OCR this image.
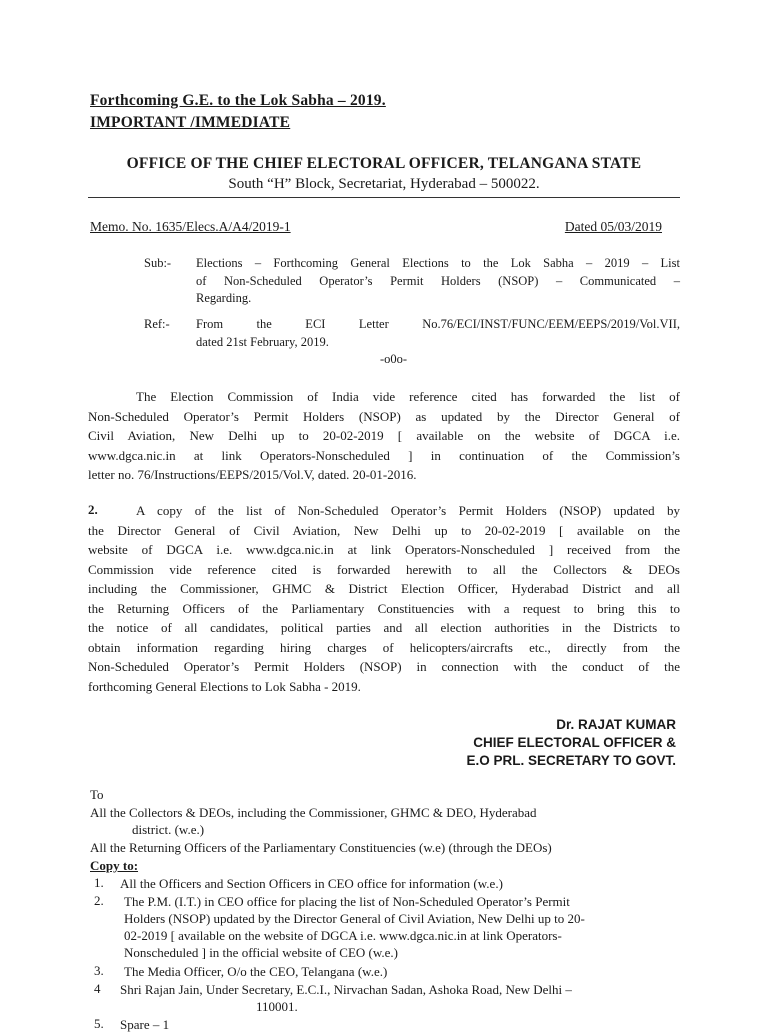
Forthcoming G.E. to the Lok Sabha – 2019.
IMPORTANT /IMMEDIATE
OFFICE OF THE CHIEF ELECTORAL OFFICER, TELANGANA STATE
South “H” Block, Secretariat, Hyderabad – 500022.
Memo. No. 1635/Elecs.A/A4/2019-1	Dated 05/03/2019
Sub:- Elections – Forthcoming General Elections to the Lok Sabha – 2019 – List
of Non-Scheduled Operator’s Permit Holders (NSOP) – Communicated –
Regarding.
Ref:- From the ECI Letter No.76/ECI/INST/FUNC/EEM/EEPS/2019/Vol.VII,
dated 21st February, 2019.
-o0o-
The Election Commission of India vide reference cited has forwarded the list of
Non-Scheduled Operator’s Permit Holders (NSOP) as updated by the Director General of
Civil Aviation, New Delhi up to 20-02-2019 [ available on the website of DGCA i.e.
www.dgca.nic.in at link Operators-Nonscheduled ] in continuation of the Commission’s
letter no. 76/Instructions/EEPS/2015/Vol.V, dated. 20-01-2016.
2.	A copy of the list of Non-Scheduled Operator’s Permit Holders (NSOP) updated by
the Director General of Civil Aviation, New Delhi up to 20-02-2019 [ available on the
website of DGCA i.e. www.dgca.nic.in at link Operators-Nonscheduled ] received from the
Commission vide reference cited is forwarded herewith to all the Collectors & DEOs
including the Commissioner, GHMC & District Election Officer, Hyderabad District and all
the Returning Officers of the Parliamentary Constituencies with a request to bring this to
the notice of all candidates, political parties and all election authorities in the Districts to
obtain information regarding hiring charges of helicopters/aircrafts etc., directly from the
Non-Scheduled Operator’s Permit Holders (NSOP) in connection with the conduct of the
forthcoming General Elections to Lok Sabha - 2019.
Dr. RAJAT KUMAR
CHIEF ELECTORAL OFFICER &
E.O PRL. SECRETARY TO GOVT.
To
All the Collectors & DEOs, including the Commissioner, GHMC & DEO, Hyderabad
district. (w.e.)
All the Returning Officers of the Parliamentary Constituencies (w.e) (through the DEOs)
Copy to:
1. All the Officers and Section Officers in CEO office for information (w.e.)
2. The P.M. (I.T.) in CEO office for placing the list of Non-Scheduled Operator’s Permit
Holders (NSOP) updated by the Director General of Civil Aviation, New Delhi up to 20-
02-2019 [ available on the website of DGCA i.e. www.dgca.nic.in at link Operators-
Nonscheduled ] in the official website of CEO (w.e.)
3. The Media Officer, O/o the CEO, Telangana (w.e.)
4 Shri Rajan Jain, Under Secretary, E.C.I., Nirvachan Sadan, Ashoka Road, New Delhi –
110001.
5. Spare – 1
